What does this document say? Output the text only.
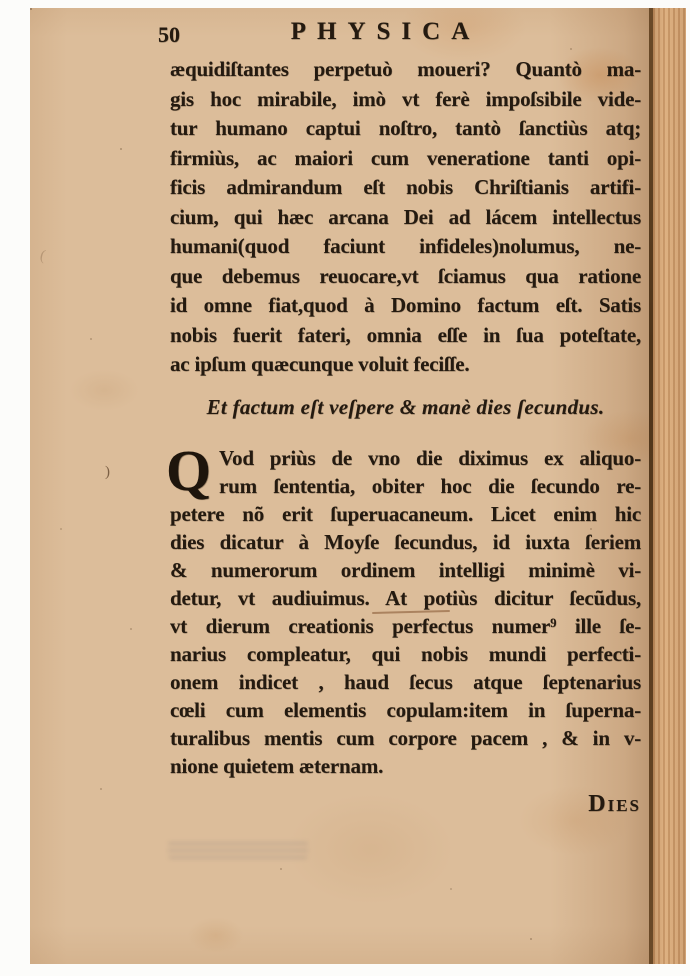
50	PHYSICA
æquidiſtantes perpetuò moueri? Quantò ma-
gis hoc mirabile, imò vt ferè impoſsibile vide-
tur humano captui noſtro, tantò ſanctiùs atq;
firmiùs, ac maiori cum veneratione tanti opi-
ficis admirandum eſt nobis Chriſtianis artifi-
cium, qui hæc arcana Dei ad lácem intellectus
humani(quod faciunt infideles)nolumus, ne-
que debemus reuocare,vt ſciamus qua ratione
id omne fiat,quod à Domino factum eſt. Satis
nobis fuerit fateri, omnia eſſe in ſua poteſtate,
ac ipſum quæcunque voluit feciſſe.
Et factum eſt veſpere & manè dies ſecundus.
Q Vod priùs de vno die diximus ex aliquo-
rum ſententia, obiter hoc die ſecundo re-
petere nõ erit ſuperuacaneum. Licet enim hic
dies dicatur à Moyſe ſecundus, id iuxta ſeriem
& numerorum ordinem intelligi minimè vi-
detur, vt audiuimus. At potiùs dicitur ſecũdus,
vt dierum creationis perfectus numer⁹ ille ſe-
narius compleatur, qui nobis mundi perfecti-
onem indicet , haud ſecus atque ſeptenarius
cœli cum elementis copulam:item in ſuperna-
turalibus mentis cum corpore pacem , & in v-
nione quietem æternam.
Dies
)
(
